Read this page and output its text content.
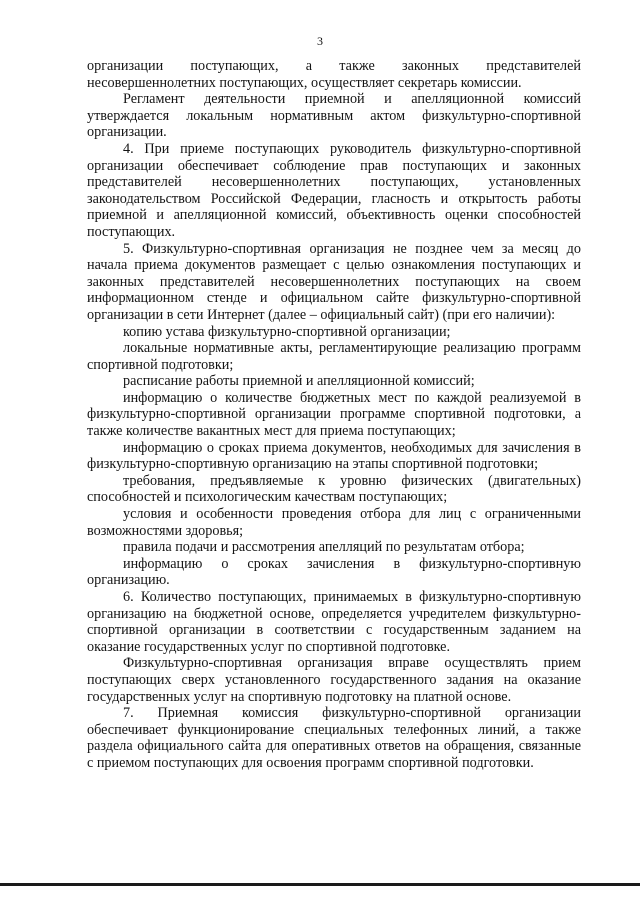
3

организации поступающих, а также законных представителей несовершеннолетних поступающих, осуществляет секретарь комиссии.

Регламент деятельности приемной и апелляционной комиссий утверждается локальным нормативным актом физкультурно-спортивной организации.

4. При приеме поступающих руководитель физкультурно-спортивной организации обеспечивает соблюдение прав поступающих и законных представителей несовершеннолетних поступающих, установленных законодательством Российской Федерации, гласность и открытость работы приемной и апелляционной комиссий, объективность оценки способностей поступающих.

5. Физкультурно-спортивная организация не позднее чем за месяц до начала приема документов размещает с целью ознакомления поступающих и законных представителей несовершеннолетних поступающих на своем информационном стенде и официальном сайте физкультурно-спортивной организации в сети Интернет (далее – официальный сайт) (при его наличии):

копию устава физкультурно-спортивной организации;

локальные нормативные акты, регламентирующие реализацию программ спортивной подготовки;

расписание работы приемной и апелляционной комиссий;

информацию о количестве бюджетных мест по каждой реализуемой в физкультурно-спортивной организации программе спортивной подготовки, а также количестве вакантных мест для приема поступающих;

информацию о сроках приема документов, необходимых для зачисления в физкультурно-спортивную организацию на этапы спортивной подготовки;

требования, предъявляемые к уровню физических (двигательных) способностей и психологическим качествам поступающих;

условия и особенности проведения отбора для лиц с ограниченными возможностями здоровья;

правила подачи и рассмотрения апелляций по результатам отбора;

информацию о сроках зачисления в физкультурно-спортивную организацию.

6. Количество поступающих, принимаемых в физкультурно-спортивную организацию на бюджетной основе, определяется учредителем физкультурно-спортивной организации в соответствии с государственным заданием на оказание государственных услуг по спортивной подготовке.

Физкультурно-спортивная организация вправе осуществлять прием поступающих сверх установленного государственного задания на оказание государственных услуг на спортивную подготовку на платной основе.

7. Приемная комиссия физкультурно-спортивной организации обеспечивает функционирование специальных телефонных линий, а также раздела официального сайта для оперативных ответов на обращения, связанные с приемом поступающих для освоения программ спортивной подготовки.
